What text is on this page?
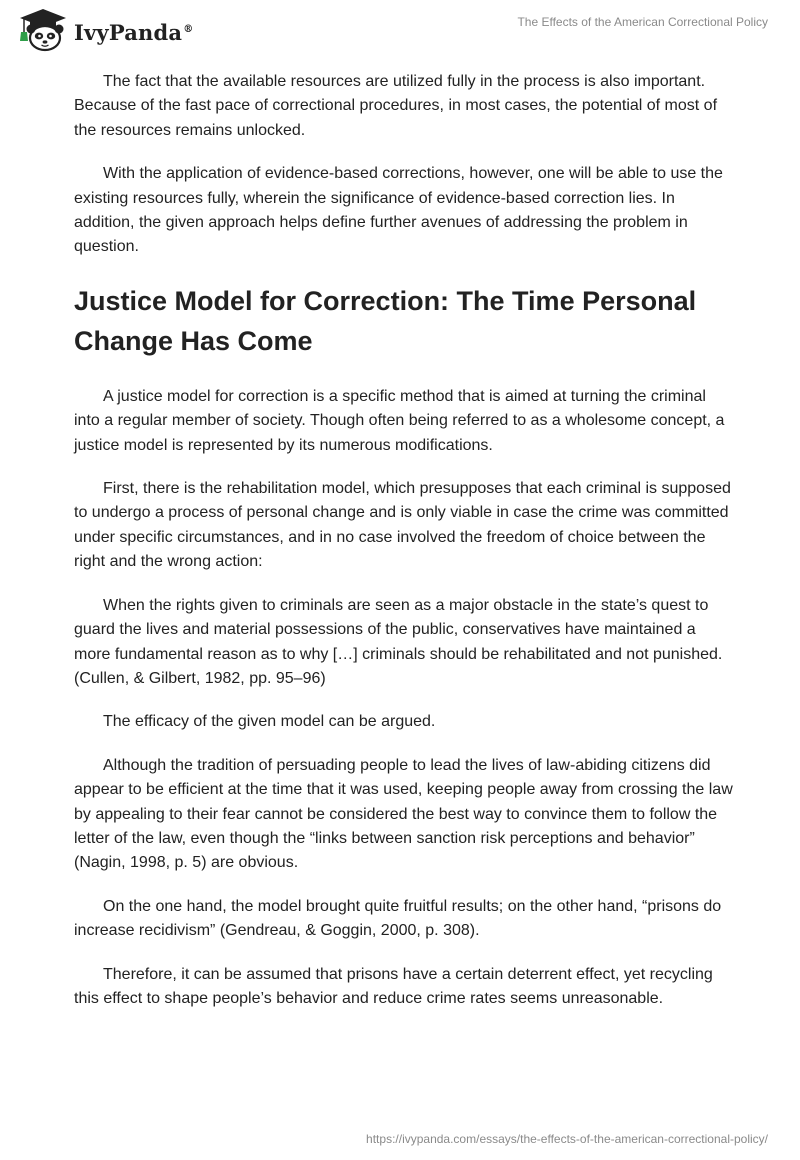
IvyPanda®	The Effects of the American Correctional Policy

The fact that the available resources are utilized fully in the process is also important. Because of the fast pace of correctional procedures, in most cases, the potential of most of the resources remains unlocked.

With the application of evidence-based corrections, however, one will be able to use the existing resources fully, wherein the significance of evidence-based correction lies. In addition, the given approach helps define further avenues of addressing the problem in question.

Justice Model for Correction: The Time Personal Change Has Come

A justice model for correction is a specific method that is aimed at turning the criminal into a regular member of society. Though often being referred to as a wholesome concept, a justice model is represented by its numerous modifications.

First, there is the rehabilitation model, which presupposes that each criminal is supposed to undergo a process of personal change and is only viable in case the crime was committed under specific circumstances, and in no case involved the freedom of choice between the right and the wrong action:

When the rights given to criminals are seen as a major obstacle in the state’s quest to guard the lives and material possessions of the public, conservatives have maintained a more fundamental reason as to why […] criminals should be rehabilitated and not punished. (Cullen, & Gilbert, 1982, pp. 95–96)

The efficacy of the given model can be argued.

Although the tradition of persuading people to lead the lives of law-abiding citizens did appear to be efficient at the time that it was used, keeping people away from crossing the law by appealing to their fear cannot be considered the best way to convince them to follow the letter of the law, even though the “links between sanction risk perceptions and behavior” (Nagin, 1998, p. 5) are obvious.

On the one hand, the model brought quite fruitful results; on the other hand, “prisons do increase recidivism” (Gendreau, & Goggin, 2000, p. 308).

Therefore, it can be assumed that prisons have a certain deterrent effect, yet recycling this effect to shape people’s behavior and reduce crime rates seems unreasonable.

https://ivypanda.com/essays/the-effects-of-the-american-correctional-policy/
